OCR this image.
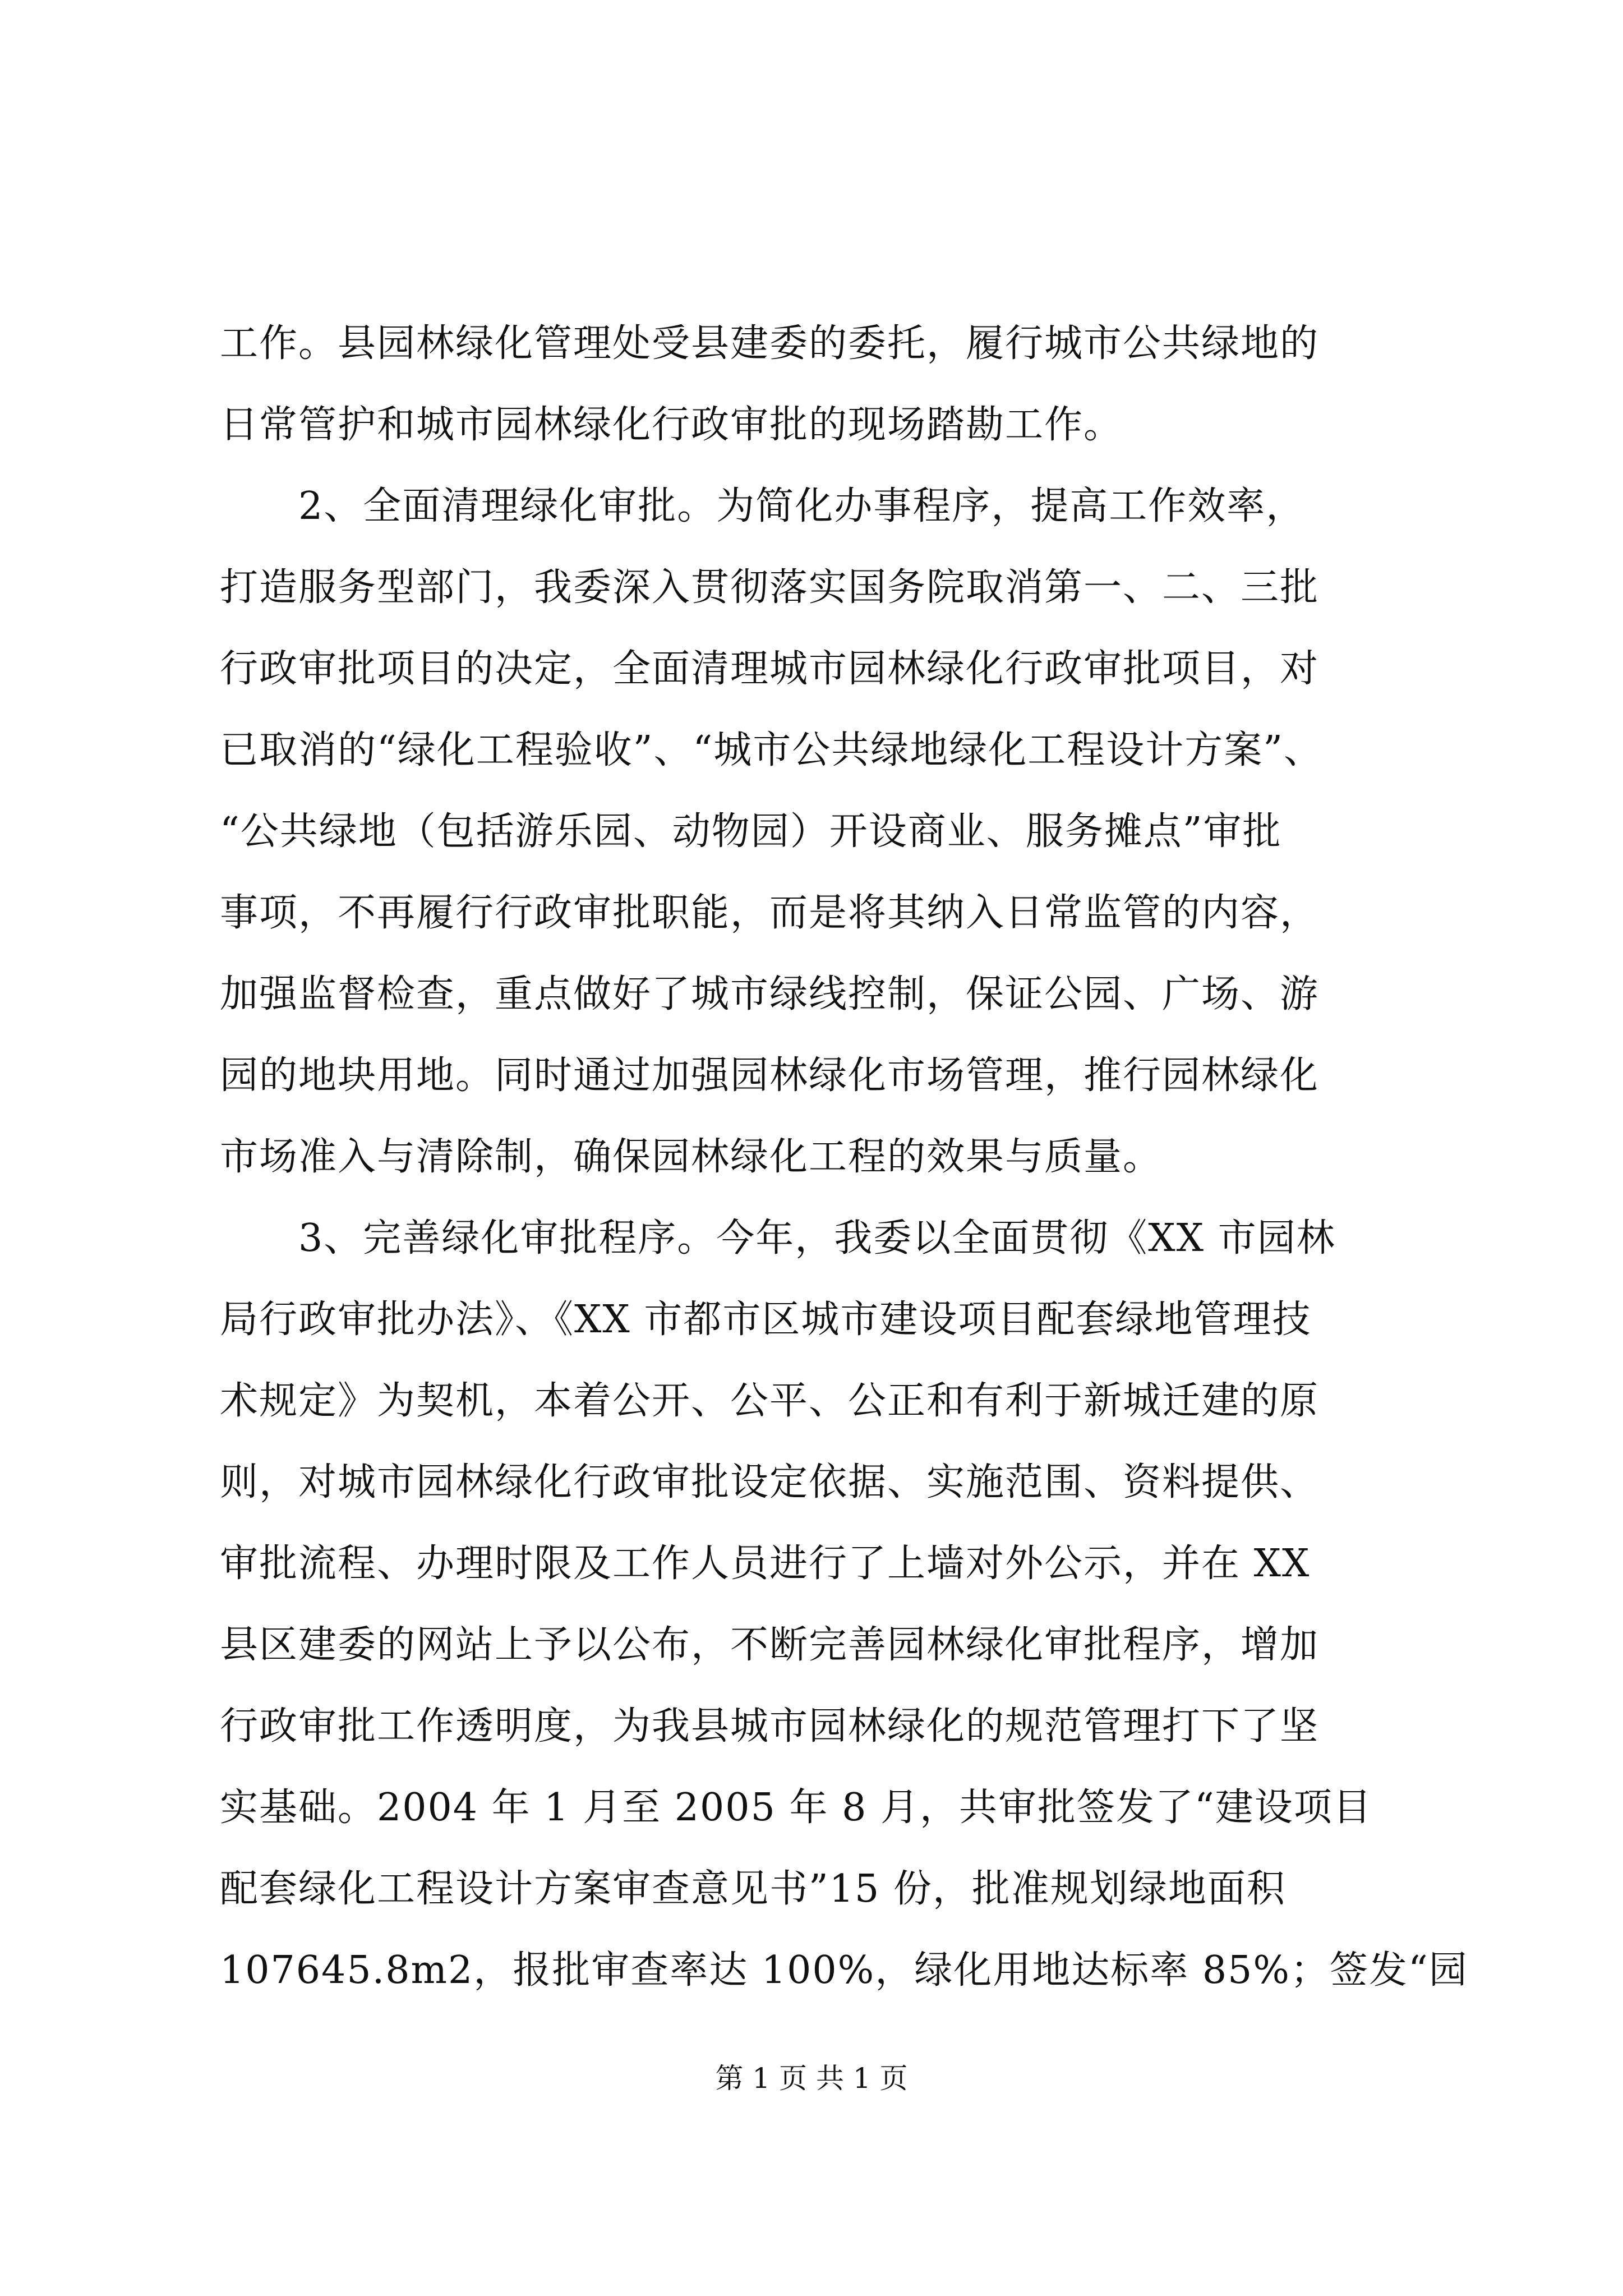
工作。县园林绿化管理处受县建委的委托，履行城市公共绿地的
日常管护和城市园林绿化行政审批的现场踏勘工作。
2、全面清理绿化审批。为简化办事程序，提高工作效率，
打造服务型部门，我委深入贯彻落实国务院取消第一、二、三批
行政审批项目的决定，全面清理城市园林绿化行政审批项目，对
已取消的“绿化工程验收”、“城市公共绿地绿化工程设计方案”、
“公共绿地（包括游乐园、动物园）开设商业、服务摊点”审批
事项，不再履行行政审批职能，而是将其纳入日常监管的内容，
加强监督检查，重点做好了城市绿线控制，保证公园、广场、游
园的地块用地。同时通过加强园林绿化市场管理，推行园林绿化
市场准入与清除制，确保园林绿化工程的效果与质量。
3、完善绿化审批程序。今年，我委以全面贯彻《XX 市园林
局行政审批办法》、《XX 市都市区城市建设项目配套绿地管理技
术规定》为契机，本着公开、公平、公正和有利于新城迁建的原
则，对城市园林绿化行政审批设定依据、实施范围、资料提供、
审批流程、办理时限及工作人员进行了上墙对外公示，并在 XX
县区建委的网站上予以公布，不断完善园林绿化审批程序，增加
行政审批工作透明度，为我县城市园林绿化的规范管理打下了坚
实基础。2004 年 1 月至 2005 年 8 月，共审批签发了“建设项目
配套绿化工程设计方案审查意见书”15 份，批准规划绿地面积
107645.8m2，报批审查率达 100%，绿化用地达标率 85%；签发“园
第 1 页 共 1 页
